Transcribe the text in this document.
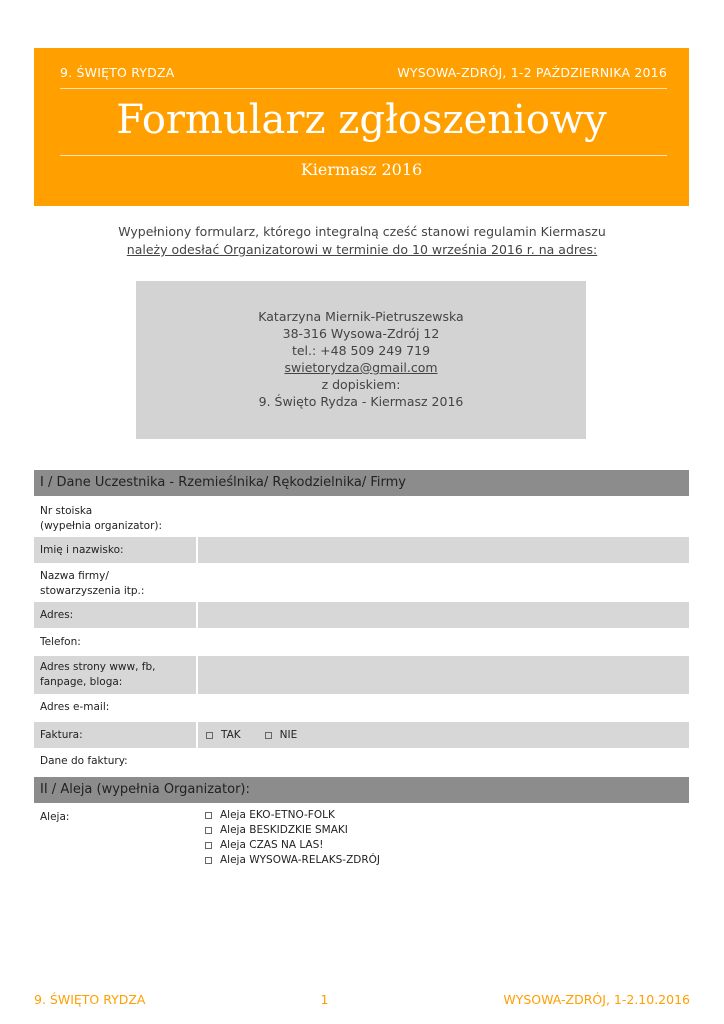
9. ŚWIĘTO RYDZA	WYSOWA-ZDRÓJ, 1-2 PAŹDZIERNIKA 2016
Formularz zgłoszeniowy
Kiermasz 2016
Wypełniony formularz, którego integralną cześć stanowi regulamin Kiermaszu
należy odesłać Organizatorowi w terminie do 10 września 2016 r. na adres:
Katarzyna Miernik-Pietruszewska
38-316 Wysowa-Zdrój 12
tel.: +48 509 249 719
swietorydza@gmail.com
z dopiskiem:
9. Święto Rydza - Kiermasz 2016
I / Dane Uczestnika - Rzemieślnika/ Rękodzielnika/ Firmy
Nr stoiska
(wypełnia organizator):
Imię i nazwisko:
Nazwa firmy/
stowarzyszenia itp.:
Adres:
Telefon:
Adres strony www, fb,
fanpage, bloga:
Adres e-mail:
Faktura:	TAK	NIE
Dane do faktury:
II / Aleja (wypełnia Organizator):
Aleja:	Aleja EKO-ETNO-FOLK
Aleja BESKIDZKIE SMAKI
Aleja CZAS NA LAS!
Aleja WYSOWA-RELAKS-ZDRÓJ
9. ŚWIĘTO RYDZA	1	WYSOWA-ZDRÓJ, 1-2.10.2016
